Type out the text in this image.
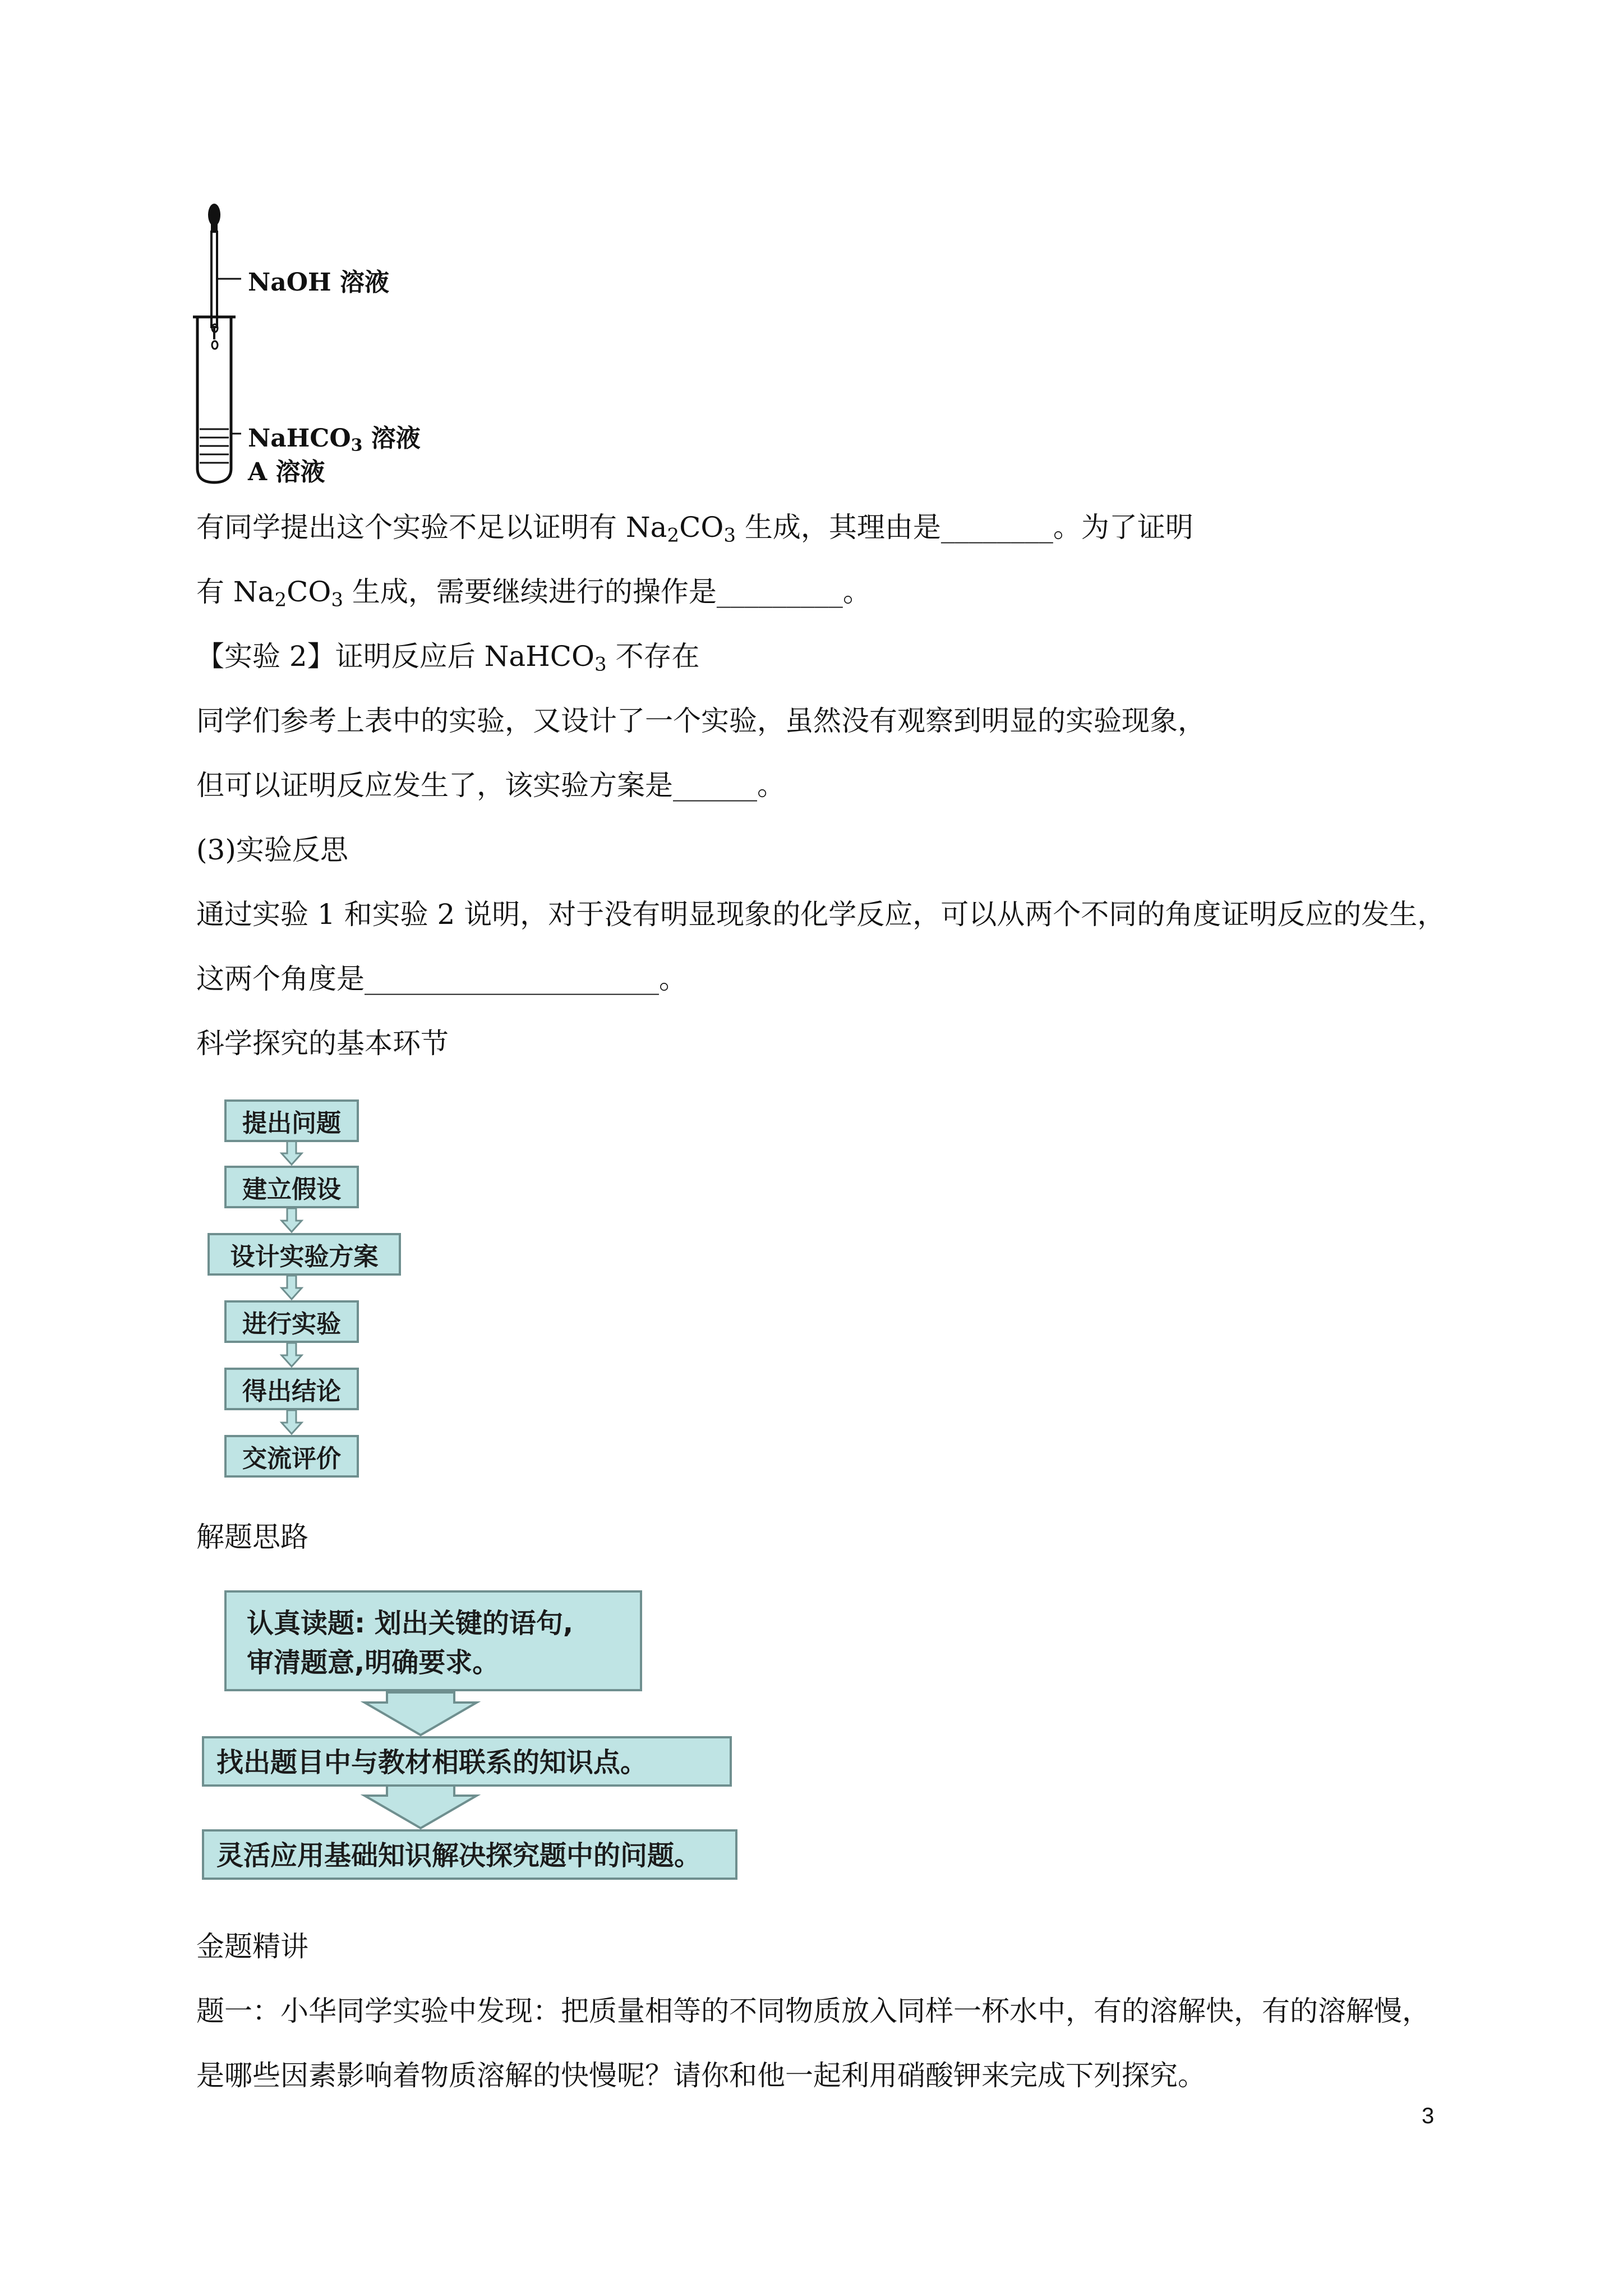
NaOH 溶液
NaHCO$_3$ 溶液
A 溶液
有同学提出这个实验不足以证明有 $Na_2CO_3$ 生成，其理由是________。为了证明
有 $Na_2CO_3$ 生成，需要继续进行的操作是_________。
【实验 2】证明反应后 NaHCO$_3$ 不存在
同学们参考上表中的实验，又设计了一个实验，虽然没有观察到明显的实验现象，
但可以证明反应发生了，该实验方案是______。
(3)实验反思
通过实验 1 和实验 2 说明，对于没有明显现象的化学反应，可以从两个不同的角度证明反应的发生，
这两个角度是_____________________。
科学探究的基本环节
提出问题
建立假设
设计实验方案
进行实验
得出结论
交流评价
解题思路
认真读题: 划出关键的语句,
审清题意,明确要求。
找出题目中与教材相联系的知识点。
灵活应用基础知识解决探究题中的问题。
金题精讲
题一：小华同学实验中发现：把质量相等的不同物质放入同样一杯水中，有的溶解快，有的溶解慢，
是哪些因素影响着物质溶解的快慢呢？请你和他一起利用硝酸钾来完成下列探究。
3
